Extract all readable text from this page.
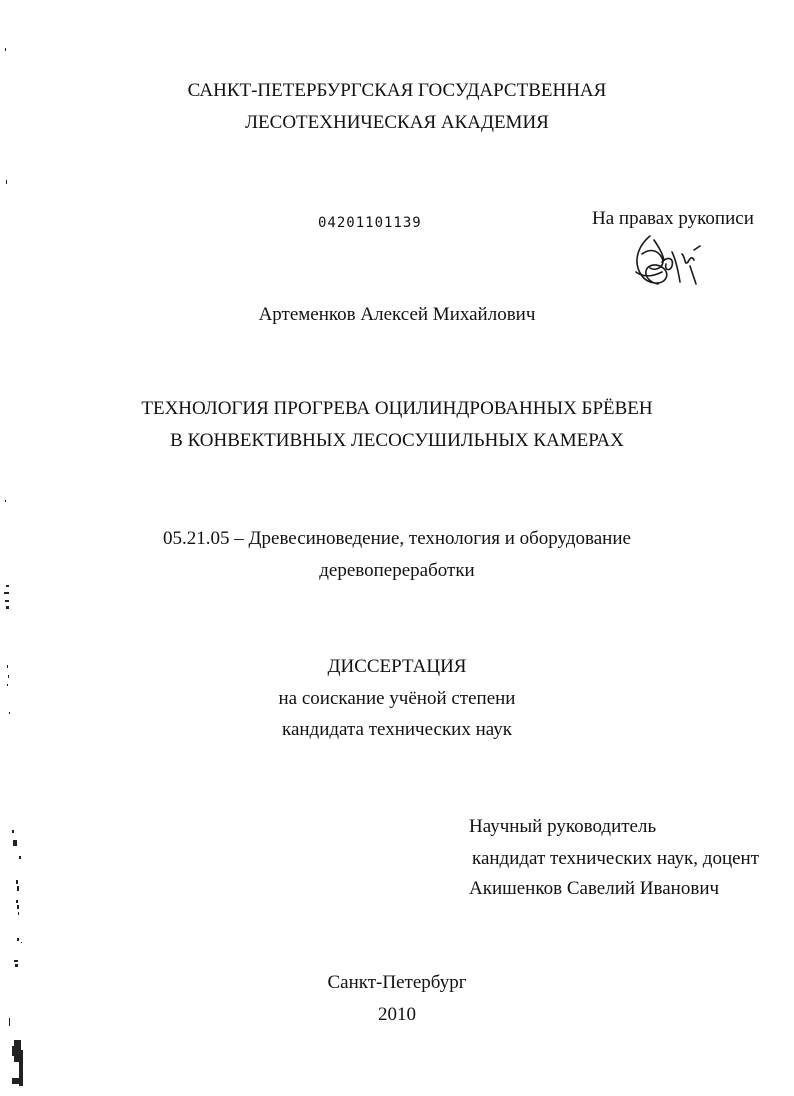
САНКТ-ПЕТЕРБУРГСКАЯ ГОСУДАРСТВЕННАЯ
ЛЕСОТЕХНИЧЕСКАЯ АКАДЕМИЯ
04201101139	На правах рукописи
Артеменков Алексей Михайлович
ТЕХНОЛОГИЯ ПРОГРЕВА ОЦИЛИНДРОВАННЫХ БРЁВЕН
В КОНВЕКТИВНЫХ ЛЕСОСУШИЛЬНЫХ КАМЕРАХ
05.21.05 – Древесиноведение, технология и оборудование
деревопереработки
ДИССЕРТАЦИЯ
на соискание учёной степени
кандидата технических наук
Научный руководитель
кандидат технических наук, доцент
Акишенков Савелий Иванович
Санкт-Петербург
2010
